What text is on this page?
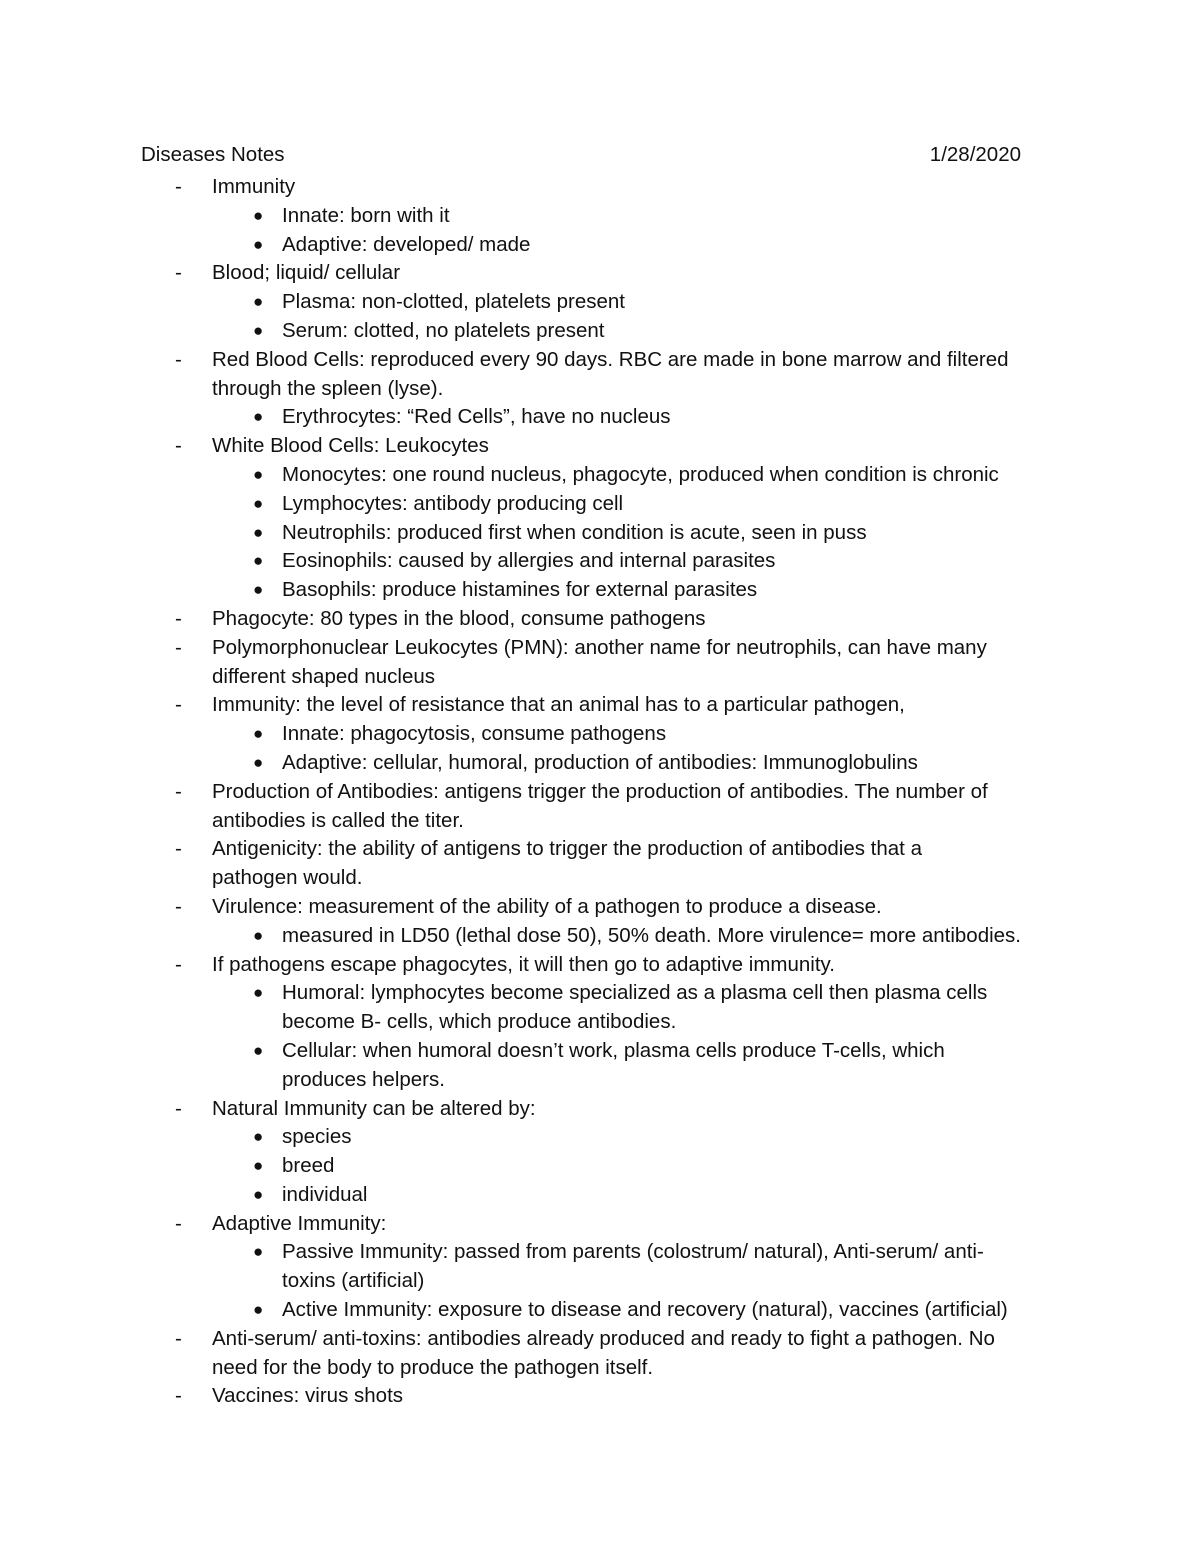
Diseases Notes	1/28/2020
- Immunity
● Innate: born with it
● Adaptive: developed/ made
- Blood; liquid/ cellular
● Plasma: non-clotted, platelets present
● Serum: clotted, no platelets present
- Red Blood Cells: reproduced every 90 days. RBC are made in bone marrow and filtered
through the spleen (lyse).
● Erythrocytes: “Red Cells”, have no nucleus
- White Blood Cells: Leukocytes
● Monocytes: one round nucleus, phagocyte, produced when condition is chronic
● Lymphocytes: antibody producing cell
● Neutrophils: produced first when condition is acute, seen in puss
● Eosinophils: caused by allergies and internal parasites
● Basophils: produce histamines for external parasites
- Phagocyte: 80 types in the blood, consume pathogens
- Polymorphonuclear Leukocytes (PMN): another name for neutrophils, can have many
different shaped nucleus
- Immunity: the level of resistance that an animal has to a particular pathogen,
● Innate: phagocytosis, consume pathogens
● Adaptive: cellular, humoral, production of antibodies: Immunoglobulins
- Production of Antibodies: antigens trigger the production of antibodies. The number of
antibodies is called the titer.
- Antigenicity: the ability of antigens to trigger the production of antibodies that a
pathogen would.
- Virulence: measurement of the ability of a pathogen to produce a disease.
● measured in LD50 (lethal dose 50), 50% death. More virulence= more antibodies.
- If pathogens escape phagocytes, it will then go to adaptive immunity.
● Humoral: lymphocytes become specialized as a plasma cell then plasma cells
become B- cells, which produce antibodies.
● Cellular: when humoral doesn’t work, plasma cells produce T-cells, which
produces helpers.
- Natural Immunity can be altered by:
● species
● breed
● individual
- Adaptive Immunity:
● Passive Immunity: passed from parents (colostrum/ natural), Anti-serum/ anti-
toxins (artificial)
● Active Immunity: exposure to disease and recovery (natural), vaccines (artificial)
- Anti-serum/ anti-toxins: antibodies already produced and ready to fight a pathogen. No
need for the body to produce the pathogen itself.
- Vaccines: virus shots
